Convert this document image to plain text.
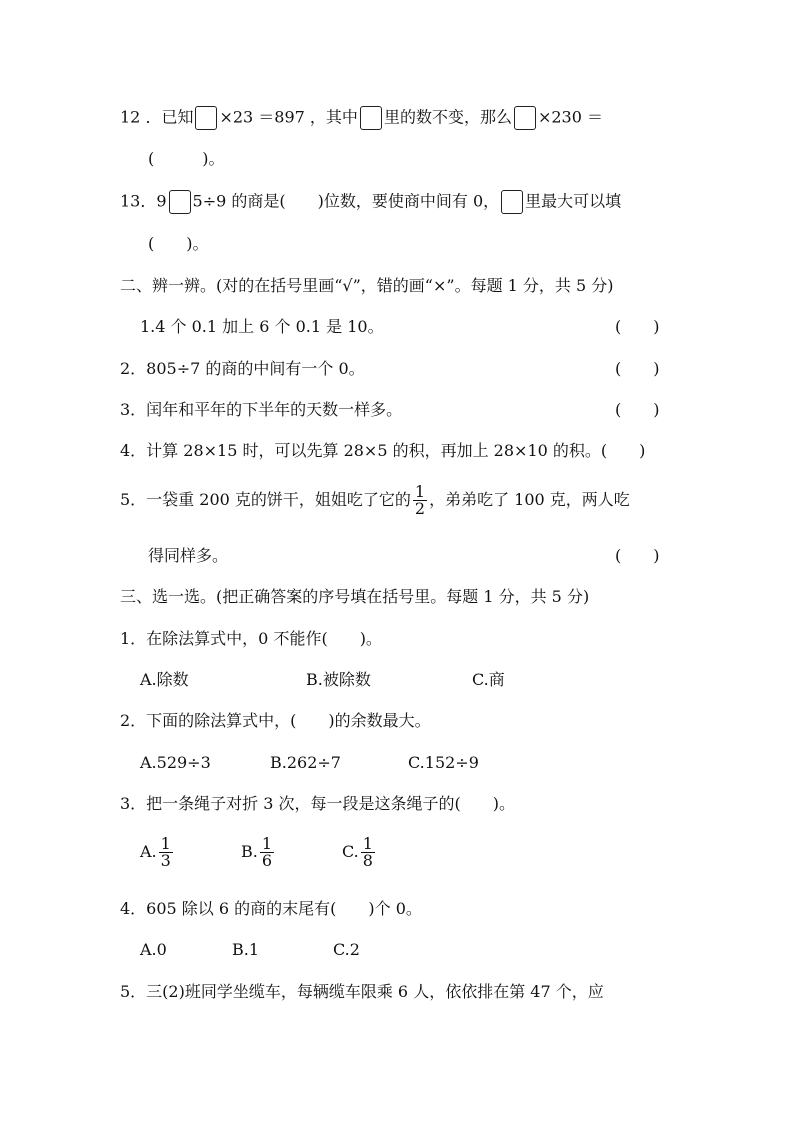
12 ．已知 ×23 ＝897 ，其中 里的数不变，那么 ×230 ＝
(　　　)。
13．9 5÷9 的商是(　　)位数，要使商中间有 0， 里最大可以填
(　　)。
二、辨一辨。(对的在括号里画“√”，错的画“×”。每题 1 分，共 5 分)
1.4 个 0.1 加上 6 个 0.1 是 10。	(　　)
2．805÷7 的商的中间有一个 0。	(　　)
3．闰年和平年的下半年的天数一样多。	(　　)
4．计算 28×15 时，可以先算 28×5 的积，再加上 28×10 的积。(　　)
5．一袋重 200 克的饼干，姐姐吃了它的 $\frac{1}{2}$ ，弟弟吃了 100 克，两人吃
得同样多。	(　　)
三、选一选。(把正确答案的序号填在括号里。每题 1 分，共 5 分)
1．在除法算式中，0 不能作(　　)。
A.除数	B.被除数	C.商
2．下面的除法算式中，(　　)的余数最大。
A.529÷3	B.262÷7	C.152÷9
3．把一条绳子对折 3 次，每一段是这条绳子的(　　)。
A. $\frac{1}{3}$	B. $\frac{1}{6}$	C. $\frac{1}{8}$
4．605 除以 6 的商的末尾有(　　)个 0。
A.0	B.1	C.2
5．三(2)班同学坐缆车，每辆缆车限乘 6 人，依依排在第 47 个，应
